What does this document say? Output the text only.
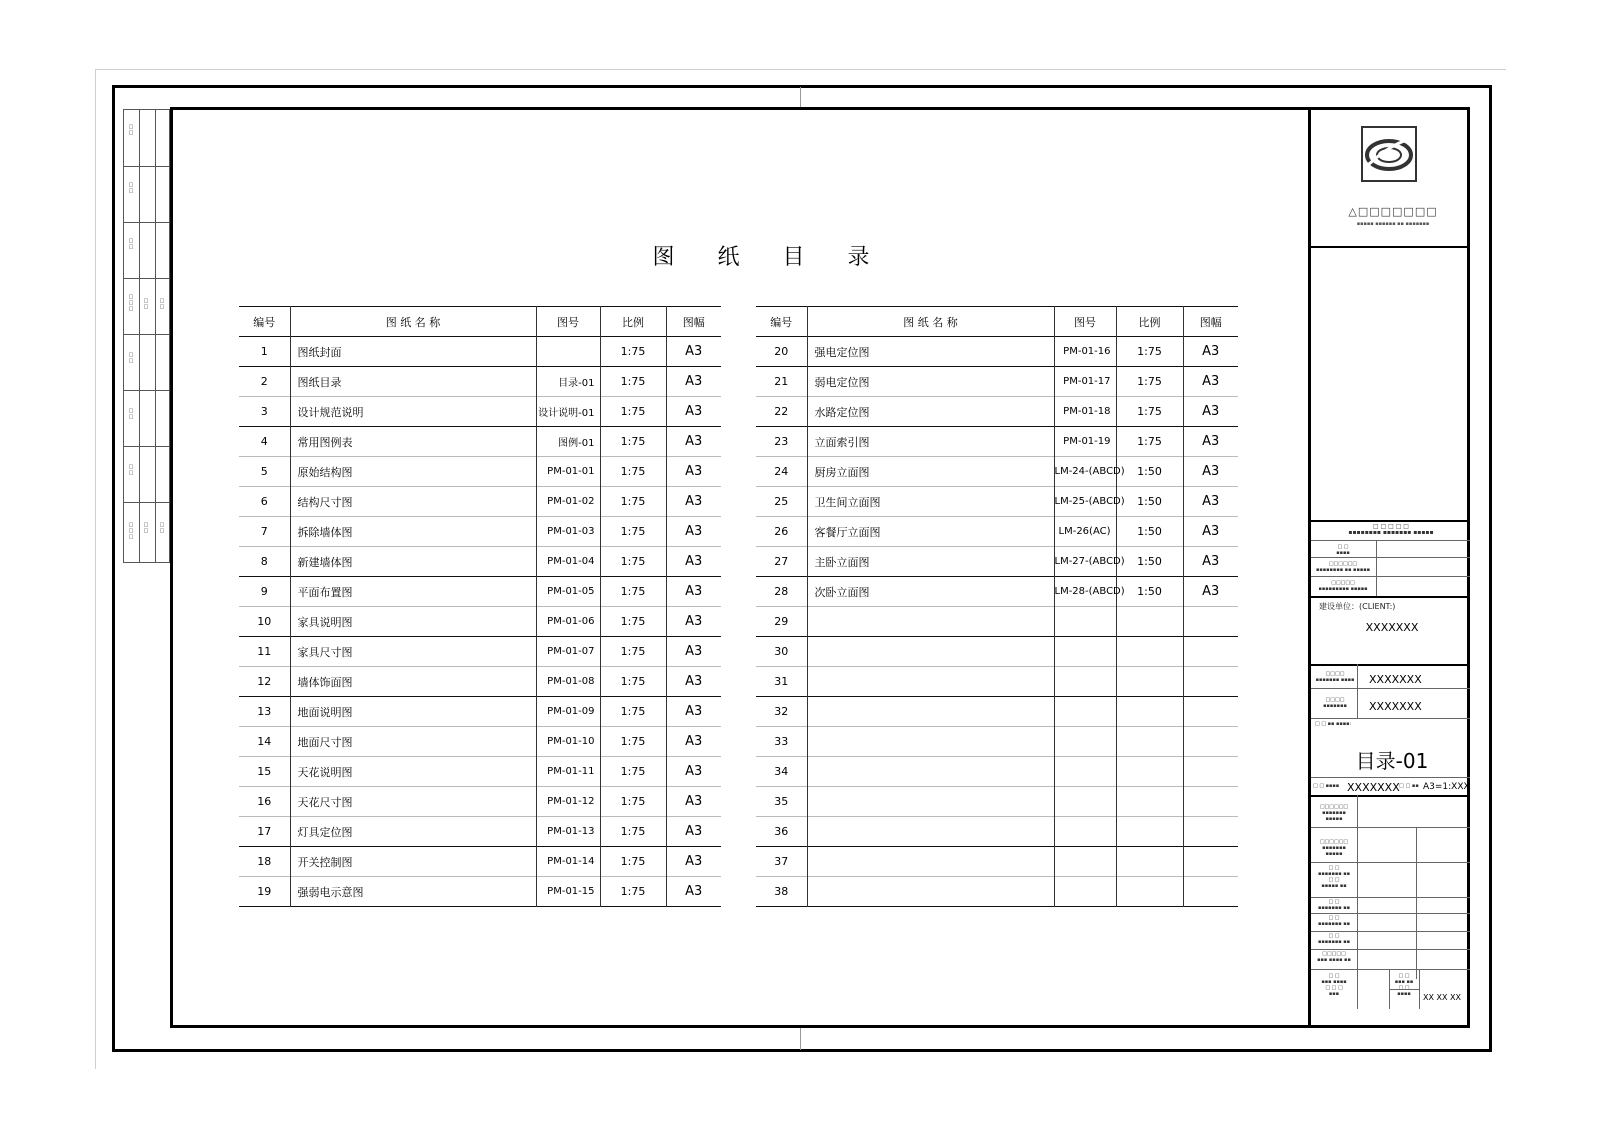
□
□
□
□
□
□
□
□
□
□
□
□
□
□
□
□
□
□
□
□
□
□
□
□
□
□
图 纸 目 录
编号	图 纸 名 称	图号	比例	图幅
1	图纸封面		1:75	A3
2	图纸目录	目录-01	1:75	A3
3	设计规范说明	设计说明-01	1:75	A3
4	常用图例表	图例-01	1:75	A3
5	原始结构图	PM-01-01	1:75	A3
6	结构尺寸图	PM-01-02	1:75	A3
7	拆除墙体图	PM-01-03	1:75	A3
8	新建墙体图	PM-01-04	1:75	A3
9	平面布置图	PM-01-05	1:75	A3
10	家具说明图	PM-01-06	1:75	A3
11	家具尺寸图	PM-01-07	1:75	A3
12	墙体饰面图	PM-01-08	1:75	A3
13	地面说明图	PM-01-09	1:75	A3
14	地面尺寸图	PM-01-10	1:75	A3
15	天花说明图	PM-01-11	1:75	A3
16	天花尺寸图	PM-01-12	1:75	A3
17	灯具定位图	PM-01-13	1:75	A3
18	开关控制图	PM-01-14	1:75	A3
19	强弱电示意图	PM-01-15	1:75	A3
编号	图 纸 名 称	图号	比例	图幅
20	强电定位图	PM-01-16	1:75	A3
21	弱电定位图	PM-01-17	1:75	A3
22	水路定位图	PM-01-18	1:75	A3
23	立面索引图	PM-01-19	1:75	A3
24	厨房立面图	LM-24-(ABCD)	1:50	A3
25	卫生间立面图	LM-25-(ABCD)	1:50	A3
26	客餐厅立面图	LM-26(AC)	1:50	A3
27	主卧立面图	LM-27-(ABCD)	1:50	A3
28	次卧立面图	LM-28-(ABCD)	1:50	A3
29				
30				
31				
32				
33				
34				
35				
36				
37				
38				
△□□□□□□□
▪▪▪▪▪ ▪▪▪▪▪▪ ▪▪ ▪▪▪▪▪▪▪
□ □ □ □ □
▪▪▪▪▪▪▪▪ ▪▪▪▪▪▪▪ ▪▪▪▪▪
□ □
▪▪▪▪
□□□□□□
▪▪▪▪▪▪▪▪ ▪▪ ▪▪▪▪▪
□□□□□
▪▪▪▪▪▪▪▪▪ ▪▪▪▪▪
建设单位：(CLIENT:)
XXXXXXX
□□□□
▪▪▪▪▪▪▪ ▪▪▪▪ XXXXXXX
□□□□
▪▪▪▪▪▪▪	XXXXXXX
□ □ ▪▪ ▪▪▪▪:
目录-01
□ □ ▪▪▪▪ XXXXXXX □ □ ▪▪ A3=1:XXX
□□□□□□
▪▪▪▪▪▪▪ ▪▪▪▪▪
□□□□□□
▪▪▪▪▪▪▪ ▪▪▪▪▪
□ □
▪▪▪▪▪▪▪ ▪▪
□ □
▪▪▪▪▪ ▪▪
□ □
▪▪▪▪▪▪▪ ▪▪
□ □
▪▪▪▪▪▪▪ ▪▪
□ □
▪▪▪▪▪▪▪ ▪▪
□□□□□
▪▪▪ ▪▪▪▪ ▪▪
□ □
▪▪▪ ▪▪▪▪
□ □ □
▪▪▪
□ □
▪▪▪ ▪▪
□ □
▪▪▪▪	XX XX XX
